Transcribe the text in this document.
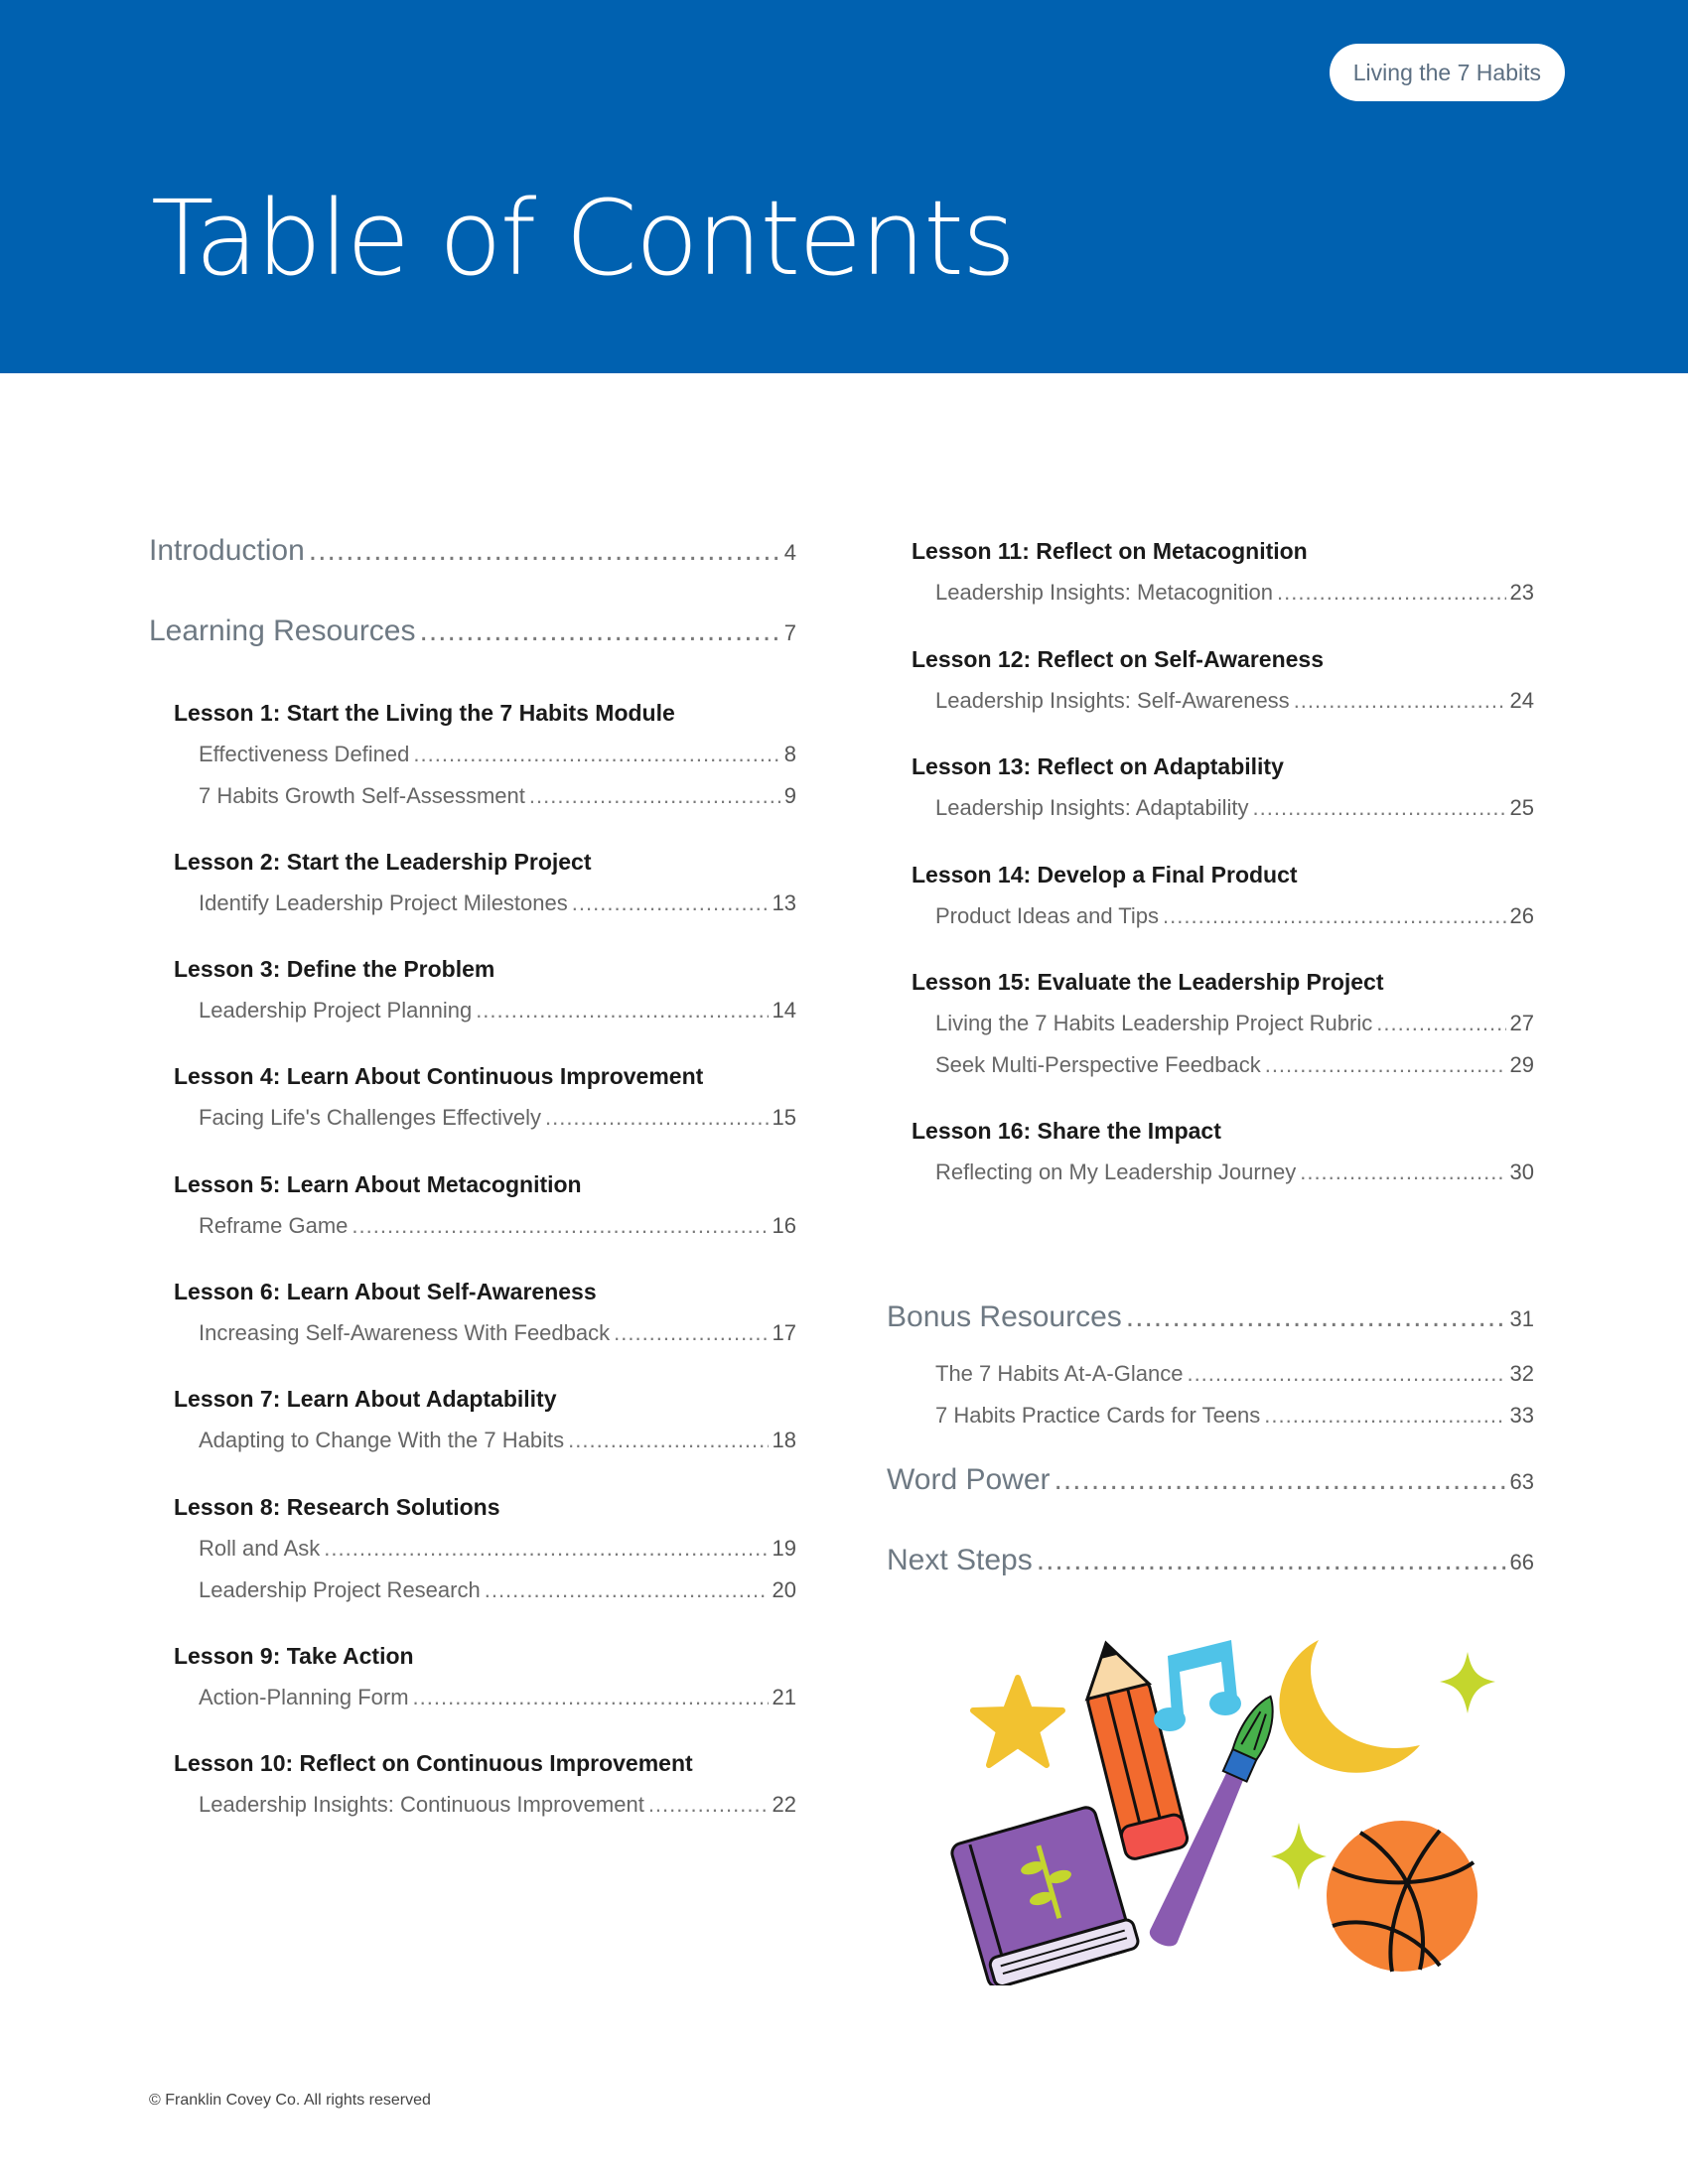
Living the 7 Habits
Table of Contents
Introduction .....	4
Learning Resources .....	7
Lesson 1: Start the Living the 7 Habits Module
Effectiveness Defined .....	8
7 Habits Growth Self-Assessment .....	9
Lesson 2: Start the Leadership Project
Identify Leadership Project Milestones .....	13
Lesson 3: Define the Problem
Leadership Project Planning .....	14
Lesson 4: Learn About Continuous Improvement
Facing Life's Challenges Effectively .....	15
Lesson 5: Learn About Metacognition
Reframe Game .....	16
Lesson 6: Learn About Self-Awareness
Increasing Self-Awareness With Feedback .....	17
Lesson 7: Learn About Adaptability
Adapting to Change With the 7 Habits .....	18
Lesson 8: Research Solutions
Roll and Ask .....	19
Leadership Project Research .....	20
Lesson 9: Take Action
Action-Planning Form .....	21
Lesson 10: Reflect on Continuous Improvement
Leadership Insights: Continuous Improvement .....	22
Lesson 11: Reflect on Metacognition
Leadership Insights: Metacognition .....	23
Lesson 12: Reflect on Self-Awareness
Leadership Insights: Self-Awareness .....	24
Lesson 13: Reflect on Adaptability
Leadership Insights: Adaptability .....	25
Lesson 14: Develop a Final Product
Product Ideas and Tips .....	26
Lesson 15: Evaluate the Leadership Project
Living the 7 Habits Leadership Project Rubric .....	27
Seek Multi-Perspective Feedback .....	29
Lesson 16: Share the Impact
Reflecting on My Leadership Journey .....	30
Bonus Resources .....	31
The 7 Habits At-A-Glance .....	32
7 Habits Practice Cards for Teens .....	33
Word Power .....	63
Next Steps .....	66
© Franklin Covey Co. All rights reserved
